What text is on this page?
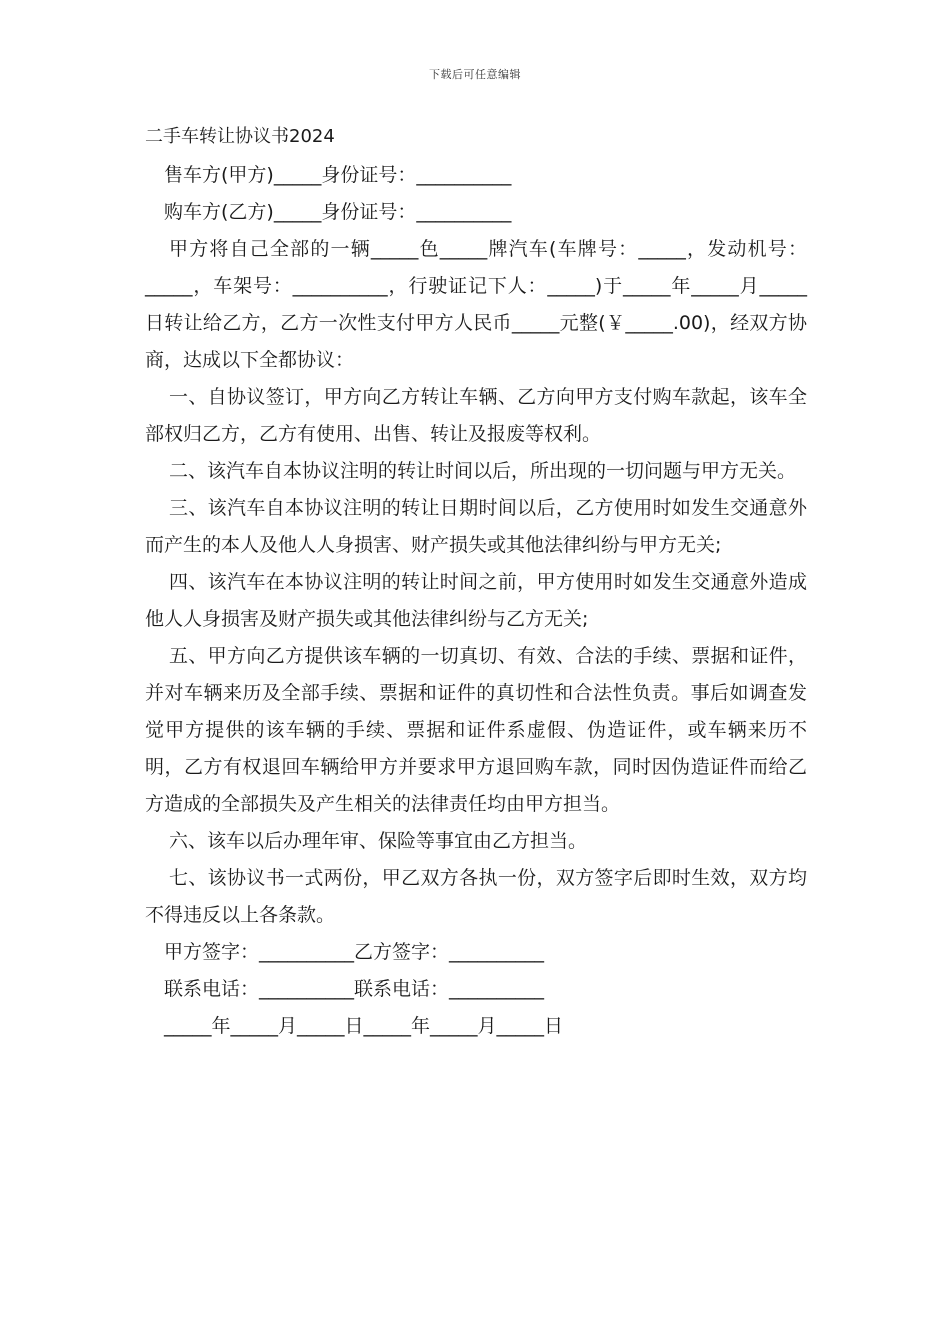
下载后可任意编辑

二手车转让协议书2024

售车方(甲方)_____身份证号：__________

购车方(乙方)_____身份证号：__________

甲方将自己全部的一辆_____色_____牌汽车(车牌号：_____，发动机号：_____，车架号：__________，行驶证记下人：_____)于_____年_____月_____日转让给乙方，乙方一次性支付甲方人民币_____元整(￥_____.00)，经双方协商，达成以下全都协议：

一、自协议签订，甲方向乙方转让车辆、乙方向甲方支付购车款起，该车全部权归乙方，乙方有使用、出售、转让及报废等权利。

二、该汽车自本协议注明的转让时间以后，所出现的一切问题与甲方无关。

三、该汽车自本协议注明的转让日期时间以后，乙方使用时如发生交通意外而产生的本人及他人人身损害、财产损失或其他法律纠纷与甲方无关;

四、该汽车在本协议注明的转让时间之前，甲方使用时如发生交通意外造成他人人身损害及财产损失或其他法律纠纷与乙方无关;

五、甲方向乙方提供该车辆的一切真切、有效、合法的手续、票据和证件，并对车辆来历及全部手续、票据和证件的真切性和合法性负责。事后如调查发觉甲方提供的该车辆的手续、票据和证件系虚假、伪造证件，或车辆来历不明，乙方有权退回车辆给甲方并要求甲方退回购车款，同时因伪造证件而给乙方造成的全部损失及产生相关的法律责任均由甲方担当。

六、该车以后办理年审、保险等事宜由乙方担当。

七、该协议书一式两份，甲乙双方各执一份，双方签字后即时生效，双方均不得违反以上各条款。

甲方签字：__________乙方签字：__________

联系电话：__________联系电话：__________

_____年_____月_____日_____年_____月_____日
